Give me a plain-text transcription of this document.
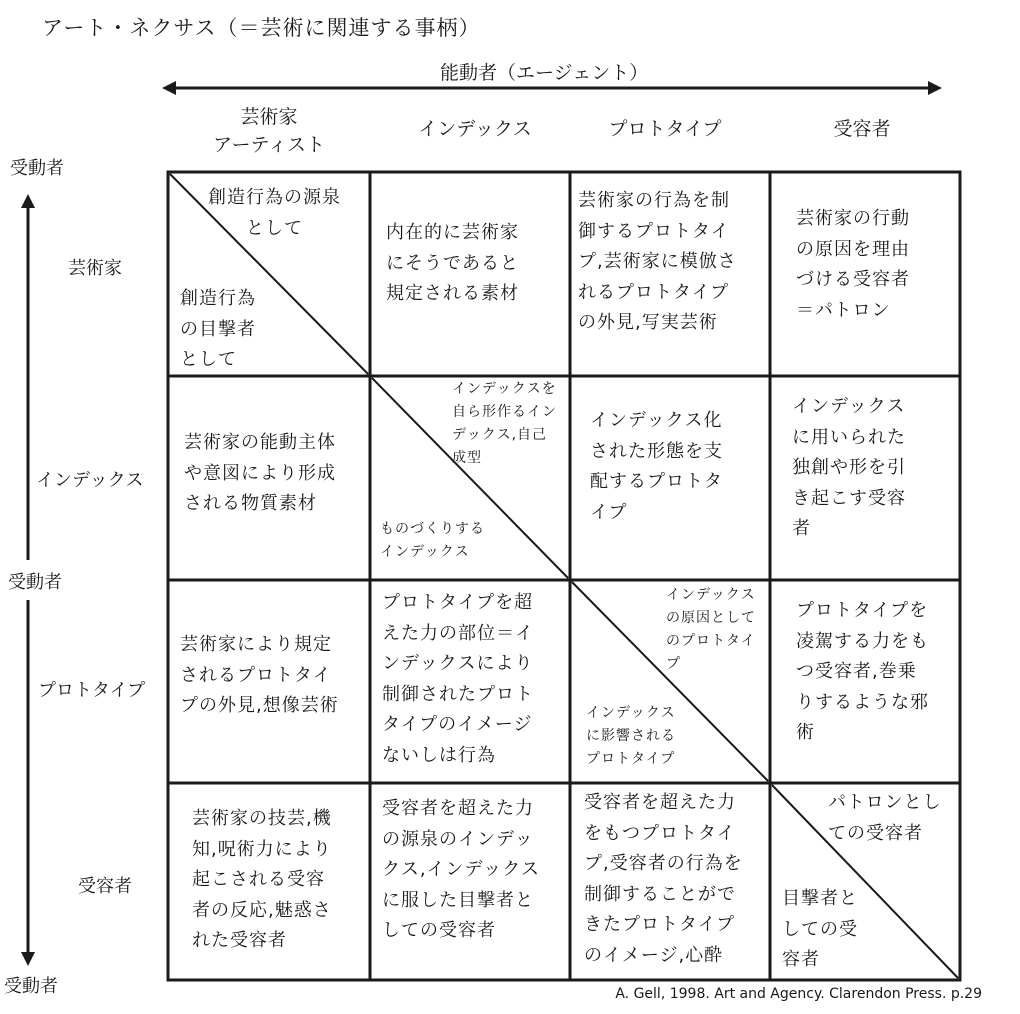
アート・ネクサス（＝芸術に関連する事柄）
能動者（エージェント）
芸術家
アーティスト
インデックス	プロトタイプ	受容者
受動者
受動者
受動者
芸術家
インデックス
プロトタイプ
受容者
創造行為の源泉
　　として
創造行為
の目撃者
として
内在的に芸術家
にそうであると
規定される素材
芸術家の行為を制
御するプロトタイ
プ,芸術家に模倣さ
れるプロトタイプ
の外見,写実芸術
芸術家の行動
の原因を理由
づける受容者
＝パトロン
芸術家の能動主体
や意図により形成
される物質素材
インデックスを
自ら形作るイン
デックス,自己
成型
ものづくりする
インデックス
インデックス化
された形態を支
配するプロトタ
イプ
インデックス
に用いられた
独創や形を引
き起こす受容
者
芸術家により規定
されるプロトタイ
プの外見,想像芸術
プロトタイプを超
えた力の部位＝イ
ンデックスにより
制御されたプロト
タイプのイメージ
ないしは行為
インデックス
の原因として
のプロトタイ
プ
インデックス
に影響される
プロトタイプ
プロトタイプを
凌駕する力をも
つ受容者,巻乗
りするような邪
術
芸術家の技芸,機
知,呪術力により
起こされる受容
者の反応,魅惑さ
れた受容者
受容者を超えた力
の源泉のインデッ
クス,インデックス
に服した目撃者と
しての受容者
受容者を超えた力
をもつプロトタイ
プ,受容者の行為を
制御することがで
きたプロトタイプ
のイメージ,心酔
パトロンとし
ての受容者
目撃者と
しての受
容者
A. Gell, 1998. Art and Agency. Clarendon Press. p.29
